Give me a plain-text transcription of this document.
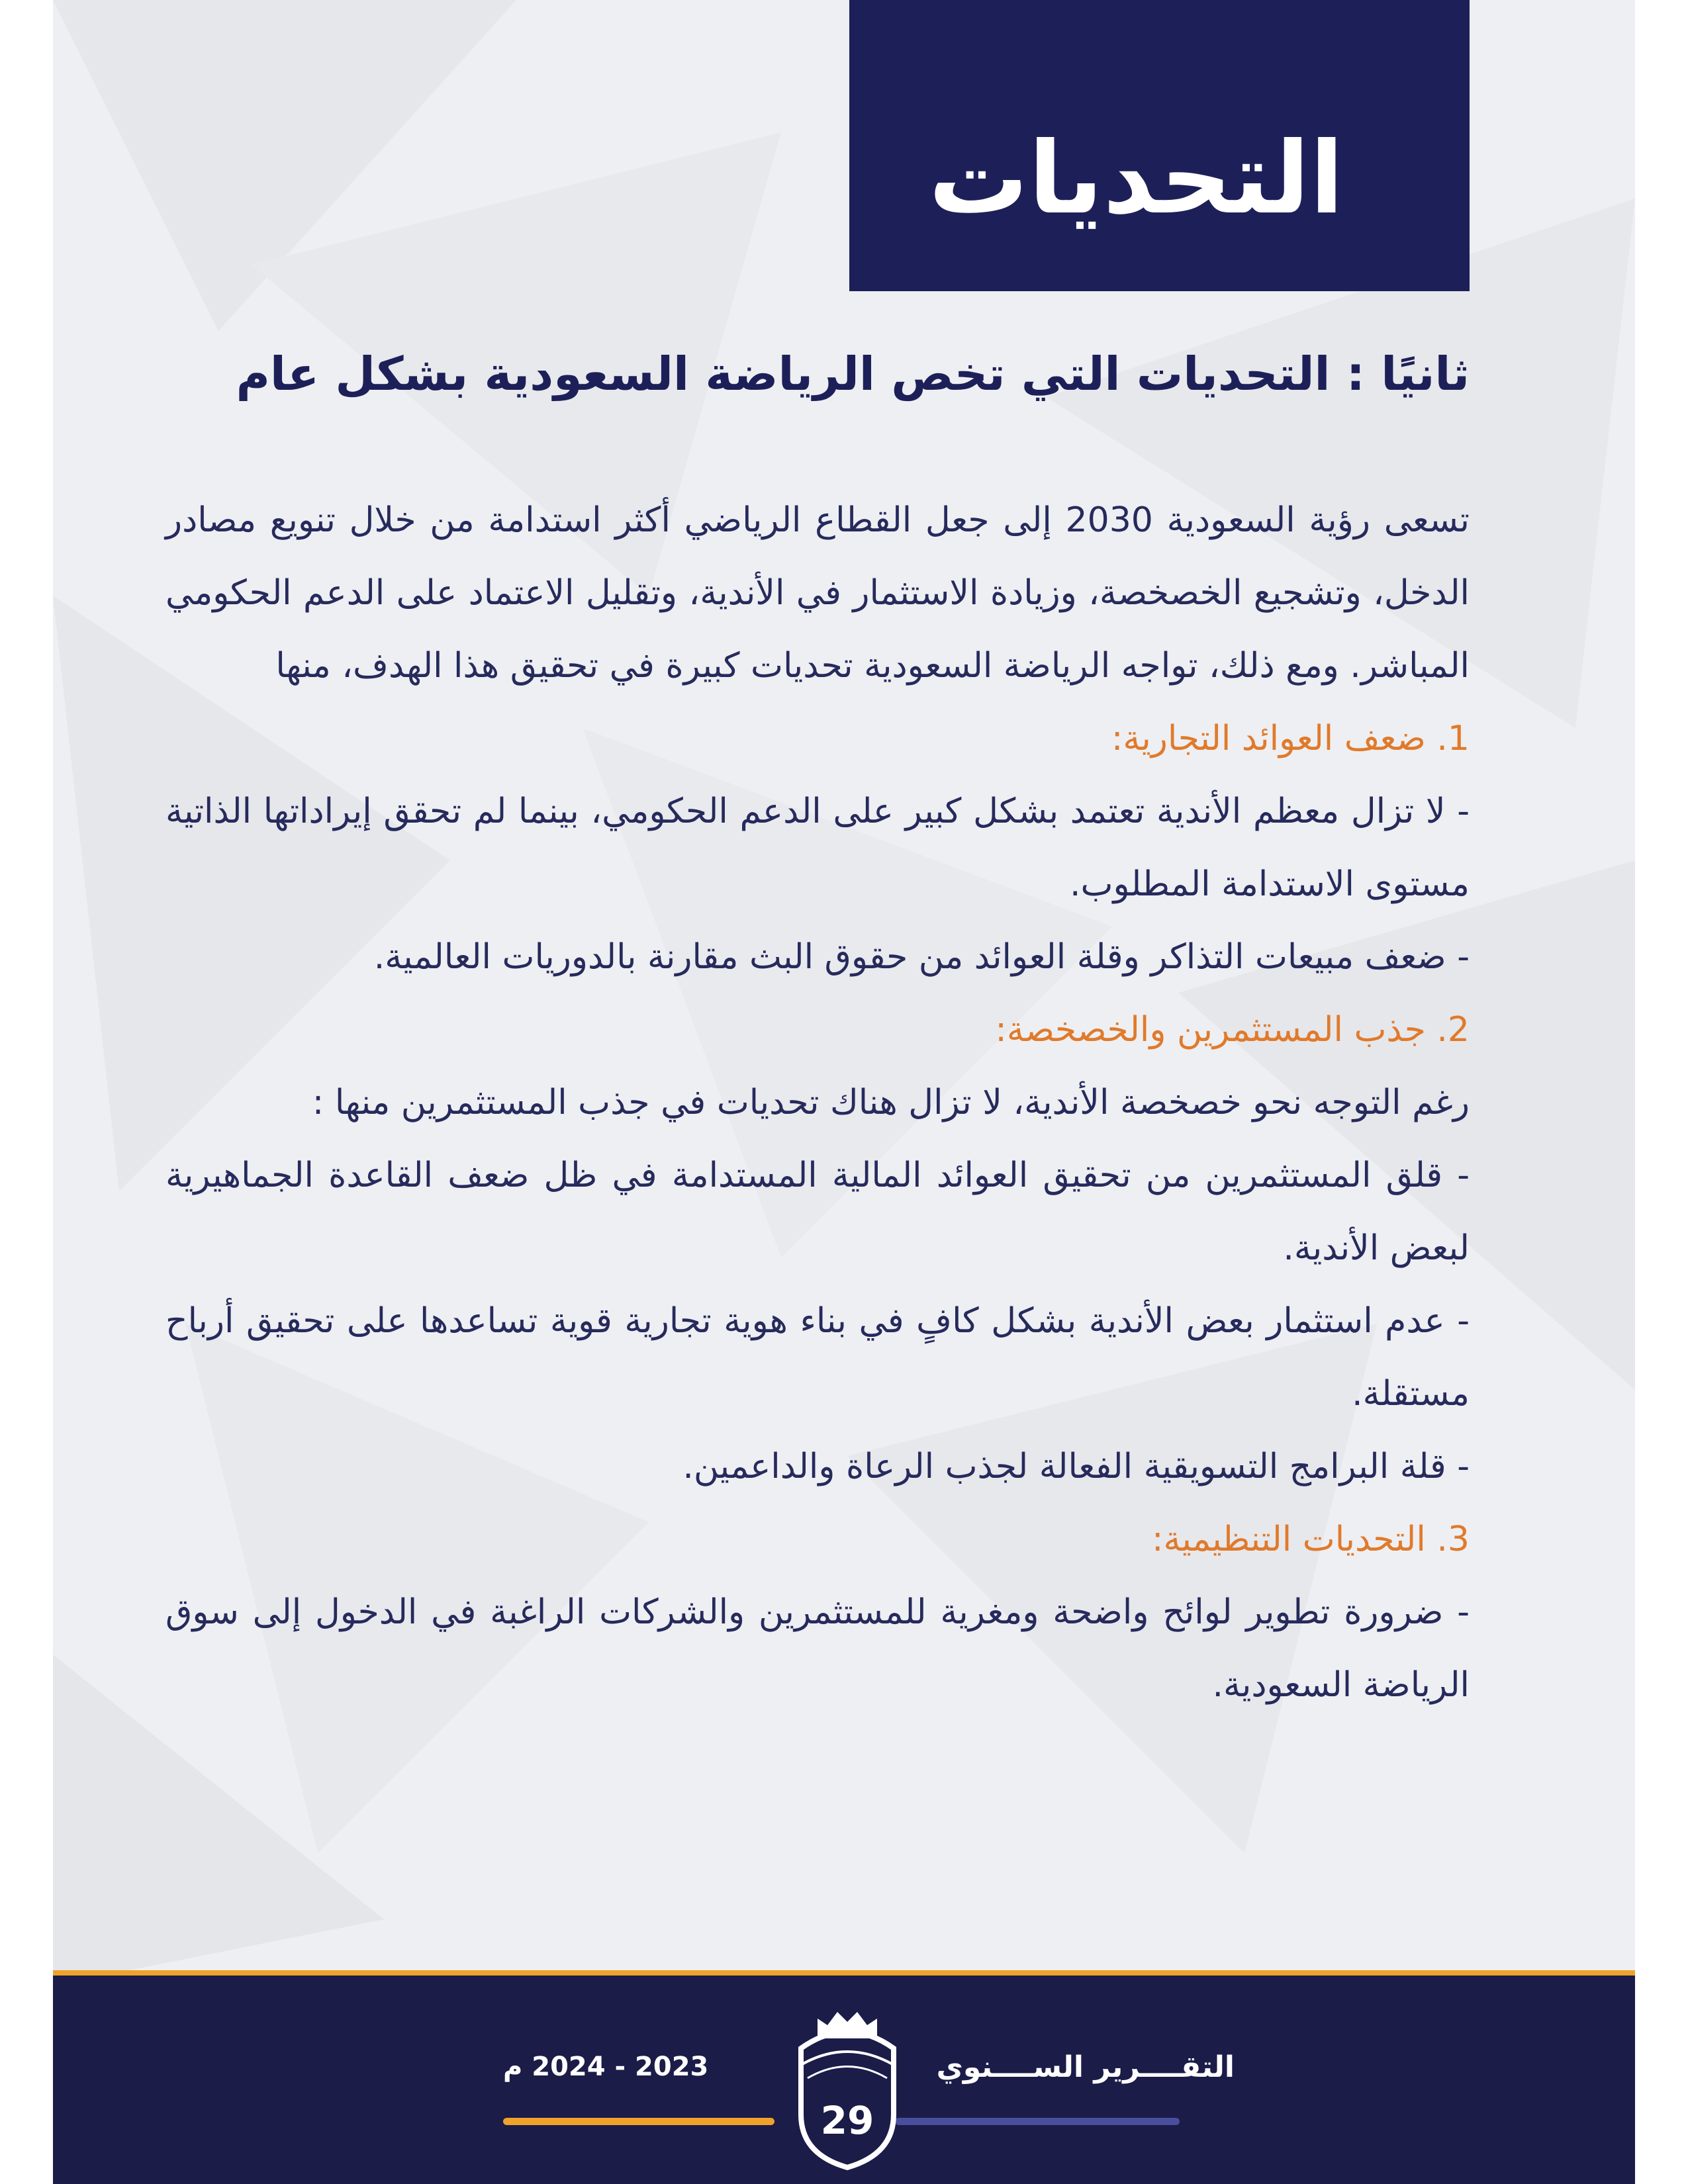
التحديات
ثانيًا : التحديات التي تخص الرياضة السعودية بشكل عام

تسعى رؤية السعودية 2030 إلى جعل القطاع الرياضي أكثر استدامة من خلال تنويع مصادر الدخل، وتشجيع الخصخصة، وزيادة الاستثمار في الأندية، وتقليل الاعتماد على الدعم الحكومي المباشر. ومع ذلك، تواجه الرياضة السعودية تحديات كبيرة في تحقيق هذا الهدف، منها

1. ضعف العوائد التجارية:

- لا تزال معظم الأندية تعتمد بشكل كبير على الدعم الحكومي، بينما لم تحقق إيراداتها الذاتية مستوى الاستدامة المطلوب.

- ضعف مبيعات التذاكر وقلة العوائد من حقوق البث مقارنة بالدوريات العالمية.

2. جذب المستثمرين والخصخصة:

رغم التوجه نحو خصخصة الأندية، لا تزال هناك تحديات في جذب المستثمرين منها :

- قلق المستثمرين من تحقيق العوائد المالية المستدامة في ظل ضعف القاعدة الجماهيرية لبعض الأندية.

- عدم استثمار بعض الأندية بشكل كافٍ في بناء هوية تجارية قوية تساعدها على تحقيق أرباح مستقلة.

- قلة البرامج التسويقية الفعالة لجذب الرعاة والداعمين.

3. التحديات التنظيمية:

- ضرورة تطوير لوائح واضحة ومغرية للمستثمرين والشركات الراغبة في الدخول إلى سوق الرياضة السعودية.

التقــــرير الســــنوي
2023 - 2024 م
29
